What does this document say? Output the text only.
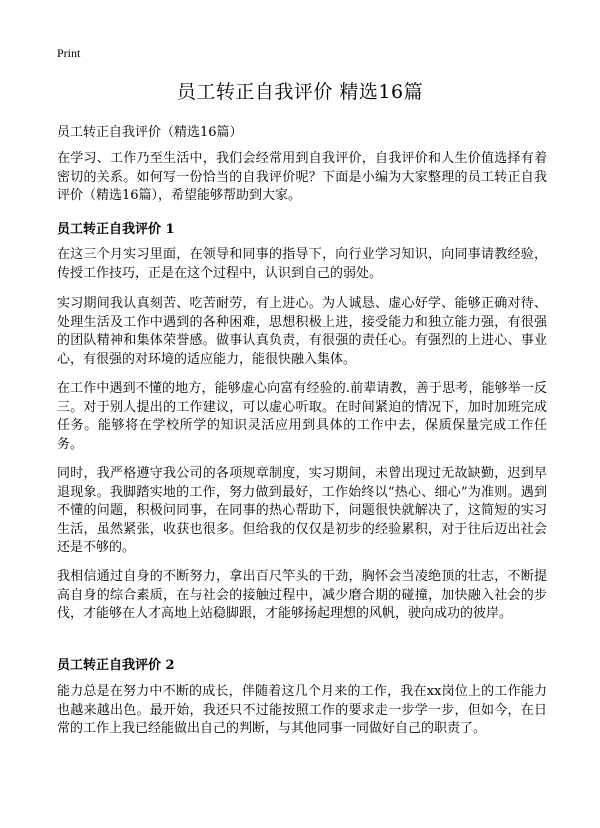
Print
员工转正自我评价 精选16篇

员工转正自我评价（精选16篇）

在学习、工作乃至生活中，我们会经常用到自我评价，自我评价和人生价值选择有着密切的关系。如何写一份恰当的自我评价呢？下面是小编为大家整理的员工转正自我评价（精选16篇），希望能够帮助到大家。

员工转正自我评价 1

在这三个月实习里面，在领导和同事的指导下，向行业学习知识，向同事请教经验，传授工作技巧，正是在这个过程中，认识到自己的弱处。

实习期间我认真刻苦、吃苦耐劳，有上进心。为人诚恳、虚心好学、能够正确对待、处理生活及工作中遇到的各种困难，思想积极上进，接受能力和独立能力强，有很强的团队精神和集体荣誉感。做事认真负责，有很强的责任心。有强烈的上进心、事业心，有很强的对环境的适应能力，能很快融入集体。

在工作中遇到不懂的地方，能够虚心向富有经验的.前辈请教，善于思考，能够举一反三。对于别人提出的工作建议，可以虚心听取。在时间紧迫的情况下，加时加班完成任务。能够将在学校所学的知识灵活应用到具体的工作中去，保质保量完成工作任务。

同时，我严格遵守我公司的各项规章制度，实习期间，未曾出现过无故缺勤，迟到早退现象。我脚踏实地的工作，努力做到最好，工作始终以“热心、细心”为准则。遇到不懂的问题，积极问同事，在同事的热心帮助下，问题很快就解决了，这简短的实习生活，虽然紧张，收获也很多。但给我的仅仅是初步的经验累积，对于往后迈出社会还是不够的。

我相信通过自身的不断努力，拿出百尺竿头的干劲，胸怀会当凌绝顶的壮志，不断提高自身的综合素质，在与社会的接触过程中，减少磨合期的碰撞，加快融入社会的步伐，才能够在人才高地上站稳脚跟，才能够扬起理想的风帆，驶向成功的彼岸。

员工转正自我评价 2

能力总是在努力中不断的成长，伴随着这几个月来的工作，我在xx岗位上的工作能力也越来越出色。最开始，我还只不过能按照工作的要求走一步学一步，但如今，在日常的工作上我已经能做出自己的判断，与其他同事一同做好自己的职责了。
